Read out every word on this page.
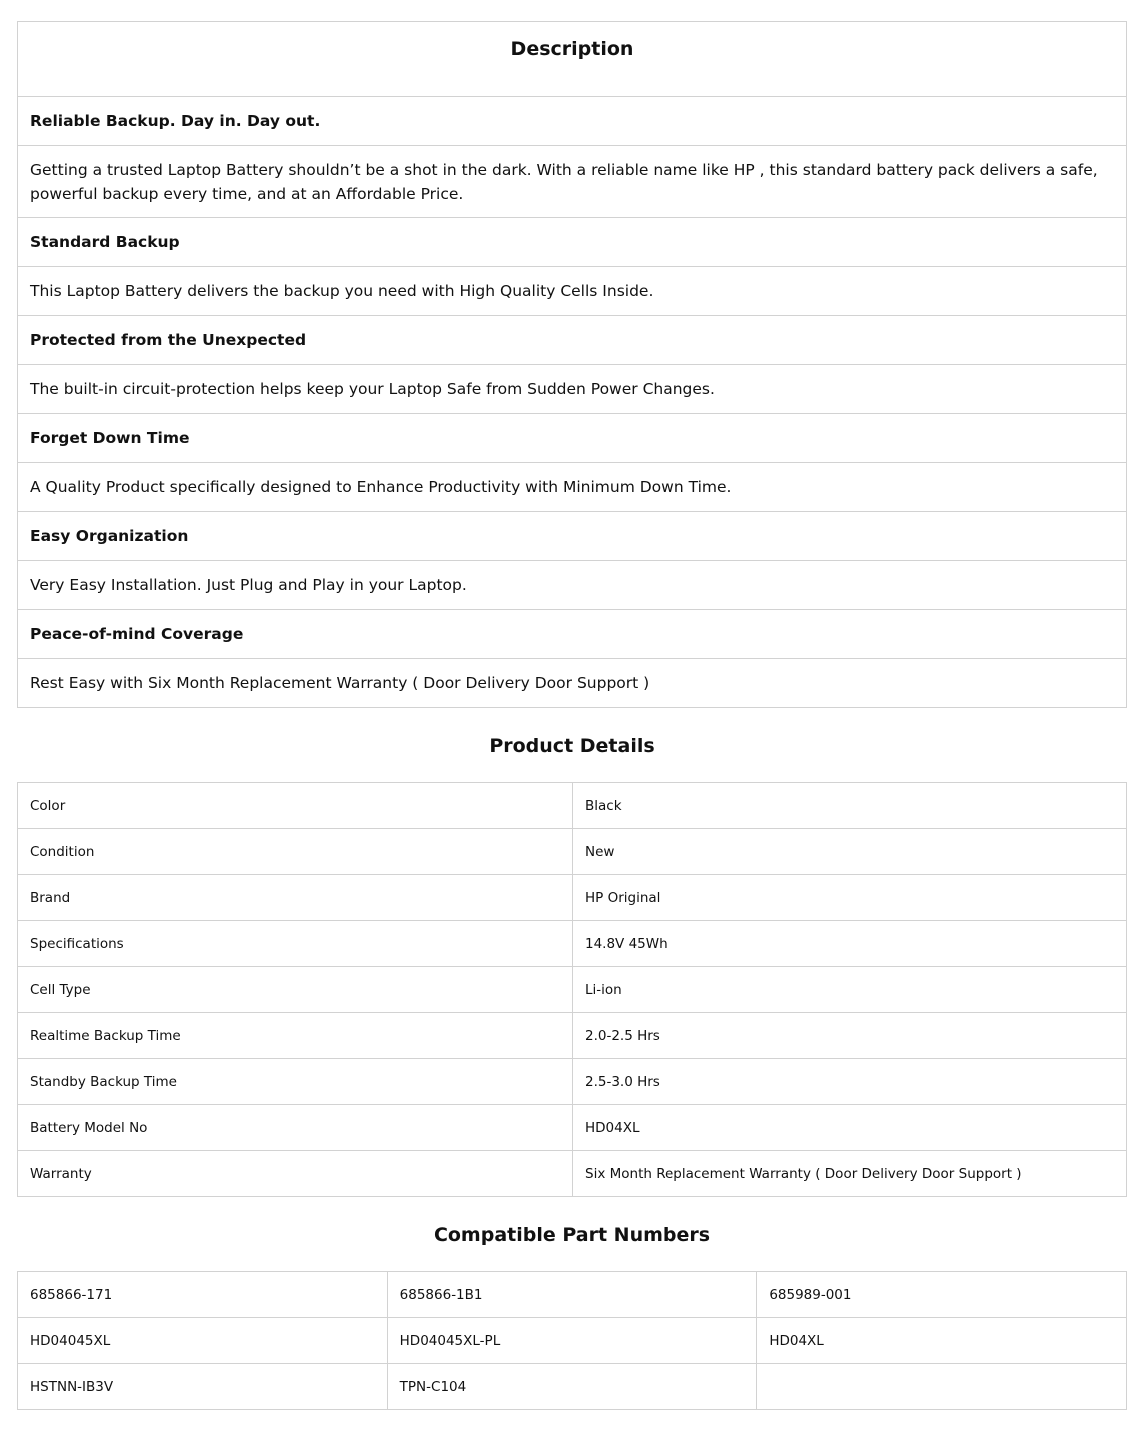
Description
Reliable Backup. Day in. Day out.
Getting a trusted Laptop Battery shouldn’t be a shot in the dark. With a reliable name like HP , this standard battery pack delivers a safe, powerful backup every time, and at an Affordable Price.
Standard Backup
This Laptop Battery delivers the backup you need with High Quality Cells Inside.
Protected from the Unexpected
The built-in circuit-protection helps keep your Laptop Safe from Sudden Power Changes.
Forget Down Time
A Quality Product specifically designed to Enhance Productivity with Minimum Down Time.
Easy Organization
Very Easy Installation. Just Plug and Play in your Laptop.
Peace-of-mind Coverage
Rest Easy with Six Month Replacement Warranty ( Door Delivery Door Support )
Product Details
Color	Black
Condition	New
Brand	HP Original
Specifications	14.8V 45Wh
Cell Type	Li-ion
Realtime Backup Time	2.0-2.5 Hrs
Standby Backup Time	2.5-3.0 Hrs
Battery Model No	HD04XL
Warranty	Six Month Replacement Warranty ( Door Delivery Door Support )
Compatible Part Numbers
685866-171	685866-1B1	685989-001
HD04045XL	HD04045XL-PL	HD04XL
HSTNN-IB3V	TPN-C104	
